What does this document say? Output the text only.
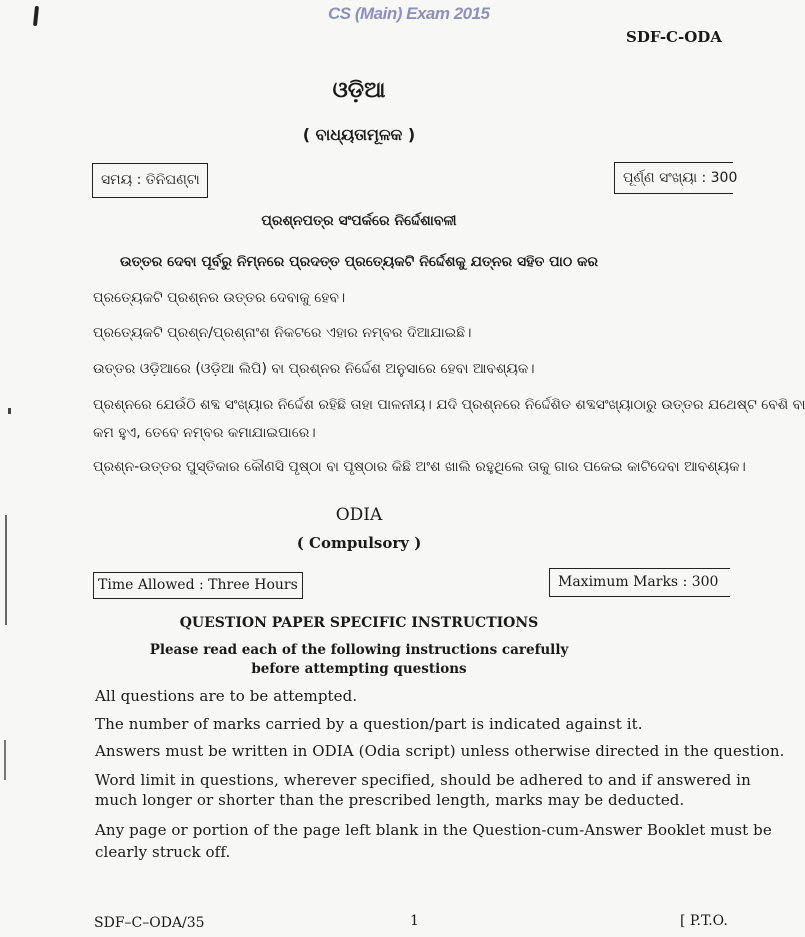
CS (Main) Exam 2015
SDF-C-ODA
ଓଡ଼ିଆ
( ବାଧ୍ୟତାମୂଳକ )
ସମୟ : ତିନିଘଣ୍ଟା	ପୂର୍ଣ୍ଣ ସଂଖ୍ୟା : 300
ପ୍ରଶ୍ନପତ୍ର ସଂପର୍କରେ ନିର୍ଦ୍ଦେଶାବଳୀ
ଉତ୍ତର ଦେବା ପୂର୍ବରୁ ନିମ୍ନରେ ପ୍ରଦତ୍ତ ପ୍ରତ୍ୟେକଟି ନିର୍ଦ୍ଦେଶକୁ ଯତ୍ନର ସହିତ ପାଠ କର
ପ୍ରତ୍ୟେକଟି ପ୍ରଶ୍ନର ଉତ୍ତର ଦେବାକୁ ହେବ।
ପ୍ରତ୍ୟେକଟି ପ୍ରଶ୍ନ/ପ୍ରଶ୍ନାଂଶ ନିକଟରେ ଏହାର ନମ୍ବର ଦିଆଯାଇଛି।
ଉତ୍ତର ଓଡ଼ିଆରେ (ଓଡ଼ିଆ ଲିପି) ବା ପ୍ରଶ୍ନର ନିର୍ଦ୍ଦେଶ ଅନୁସାରେ ହେବା ଆବଶ୍ୟକ।
ପ୍ରଶ୍ନରେ ଯେଉଁଠି ଶବ୍ଦ ସଂଖ୍ୟାର ନିର୍ଦ୍ଦେଶ ରହିଛି ତାହା ପାଳନୀୟ। ଯଦି ପ୍ରଶ୍ନରେ ନିର୍ଦ୍ଦେଶିତ ଶବ୍ଦସଂଖ୍ୟାଠାରୁ ଉତ୍ତର ଯଥେଷ୍ଟ ବେଶି ବା
କମ ହୁଏ, ତେବେ ନମ୍ବର କମାଯାଇପାରେ।
ପ୍ରଶ୍ନ-ଉତ୍ତର ପୁସ୍ତିକାର କୌଣସି ପୃଷ୍ଠା ବା ପୃଷ୍ଠାର କିଛି ଅଂଶ ଖାଲି ରହୁଥିଲେ ତାକୁ ଗାର ପକେଇ କାଟିଦେବା ଆବଶ୍ୟକ।
ODIA
( Compulsory )
Time Allowed : Three Hours	Maximum Marks : 300
QUESTION PAPER SPECIFIC INSTRUCTIONS
Please read each of the following instructions carefully
before attempting questions
All questions are to be attempted.
The number of marks carried by a question/part is indicated against it.
Answers must be written in ODIA (Odia script) unless otherwise directed in the question.
Word limit in questions, wherever specified, should be adhered to and if answered in
much longer or shorter than the prescribed length, marks may be deducted.
Any page or portion of the page left blank in the Question-cum-Answer Booklet must be
clearly struck off.
SDF–C–ODA/35	1	[ P.T.O.
